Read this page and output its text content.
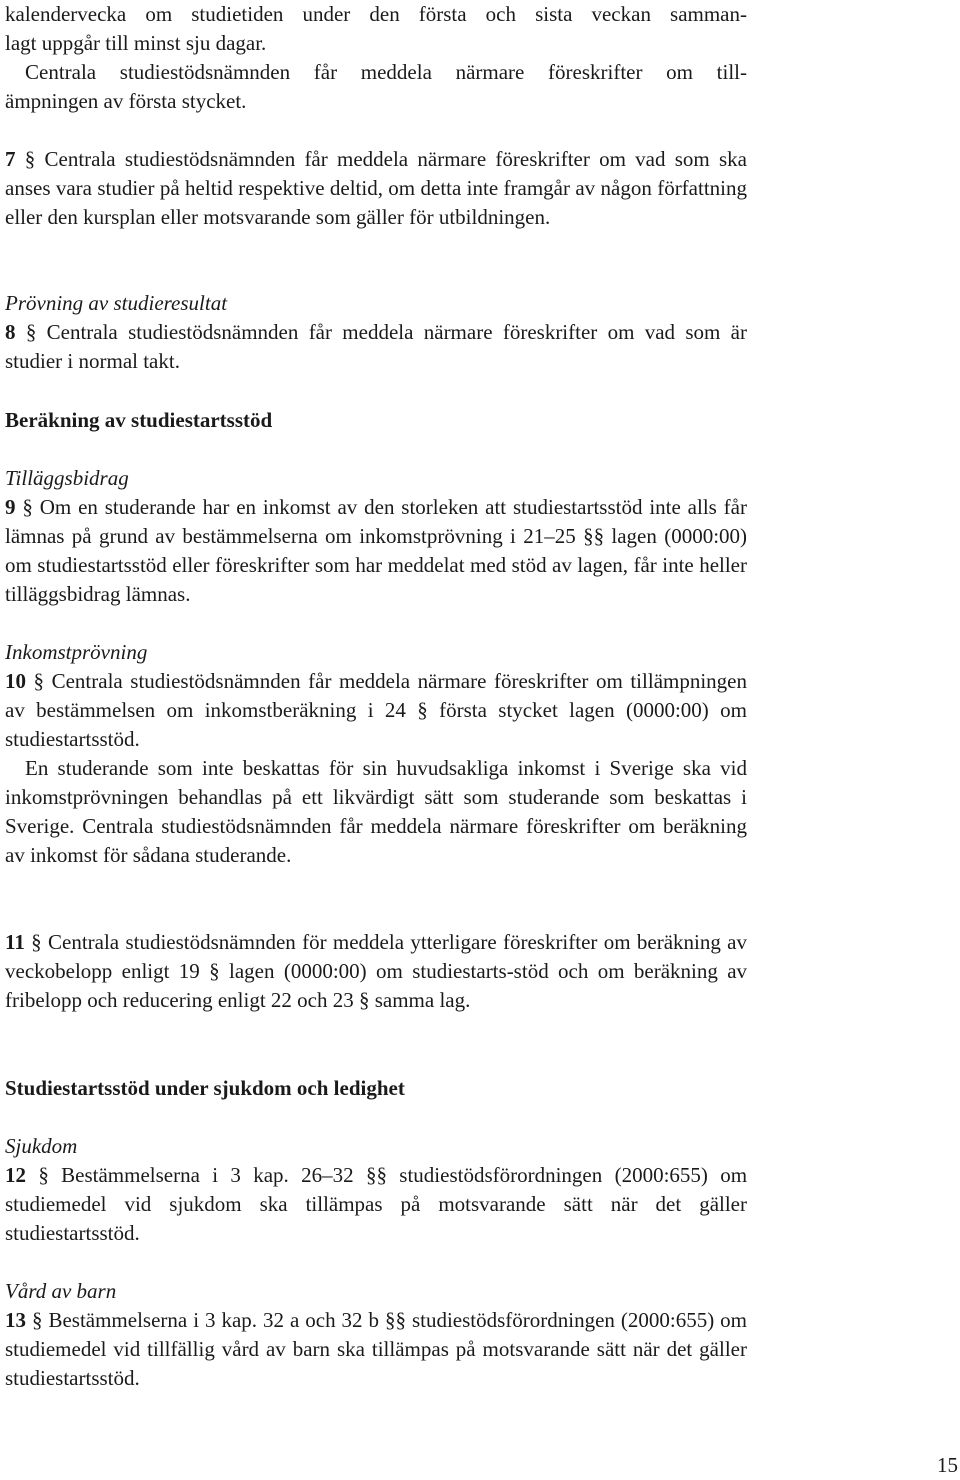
kalendervecka om studietiden under den första och sista veckan samman-

lagt uppgår till minst sju dagar.

Centrala studiestödsnämnden får meddela närmare föreskrifter om till-

ämpningen av första stycket.

7 § Centrala studiestödsnämnden får meddela närmare föreskrifter om vad som ska anses vara studier på heltid respektive deltid, om detta inte framgår av någon författning eller den kursplan eller motsvarande som gäller för utbildningen.

Prövning av studieresultat

8 § Centrala studiestödsnämnden får meddela närmare föreskrifter om vad som är studier i normal takt.

Beräkning av studiestartsstöd

Tilläggsbidrag

9 § Om en studerande har en inkomst av den storleken att studiestartsstöd inte alls får lämnas på grund av bestämmelserna om inkomstprövning i 21–25 §§ lagen (0000:00) om studiestartsstöd eller föreskrifter som har meddelat med stöd av lagen, får inte heller tilläggsbidrag lämnas.

Inkomstprövning

10 § Centrala studiestödsnämnden får meddela närmare föreskrifter om tillämpningen av bestämmelsen om inkomstberäkning i 24 § första stycket lagen (0000:00) om studiestartsstöd.

En studerande som inte beskattas för sin huvudsakliga inkomst i Sverige ska vid inkomstprövningen behandlas på ett likvärdigt sätt som studerande som beskattas i Sverige. Centrala studiestödsnämnden får meddela närmare föreskrifter om beräkning av inkomst för sådana studerande.

11 § Centrala studiestödsnämnden för meddela ytterligare föreskrifter om beräkning av veckobelopp enligt 19 § lagen (0000:00) om studiestarts-stöd och om beräkning av fribelopp och reducering enligt 22 och 23 § samma lag.

Studiestartsstöd under sjukdom och ledighet

Sjukdom

12 § Bestämmelserna i 3 kap. 26–32 §§ studiestödsförordningen (2000:655) om studiemedel vid sjukdom ska tillämpas på motsvarande sätt när det gäller studiestartsstöd.

Vård av barn

13 § Bestämmelserna i 3 kap. 32 a och 32 b §§ studiestödsförordningen (2000:655) om studiemedel vid tillfällig vård av barn ska tillämpas på motsvarande sätt när det gäller studiestartsstöd.

15
